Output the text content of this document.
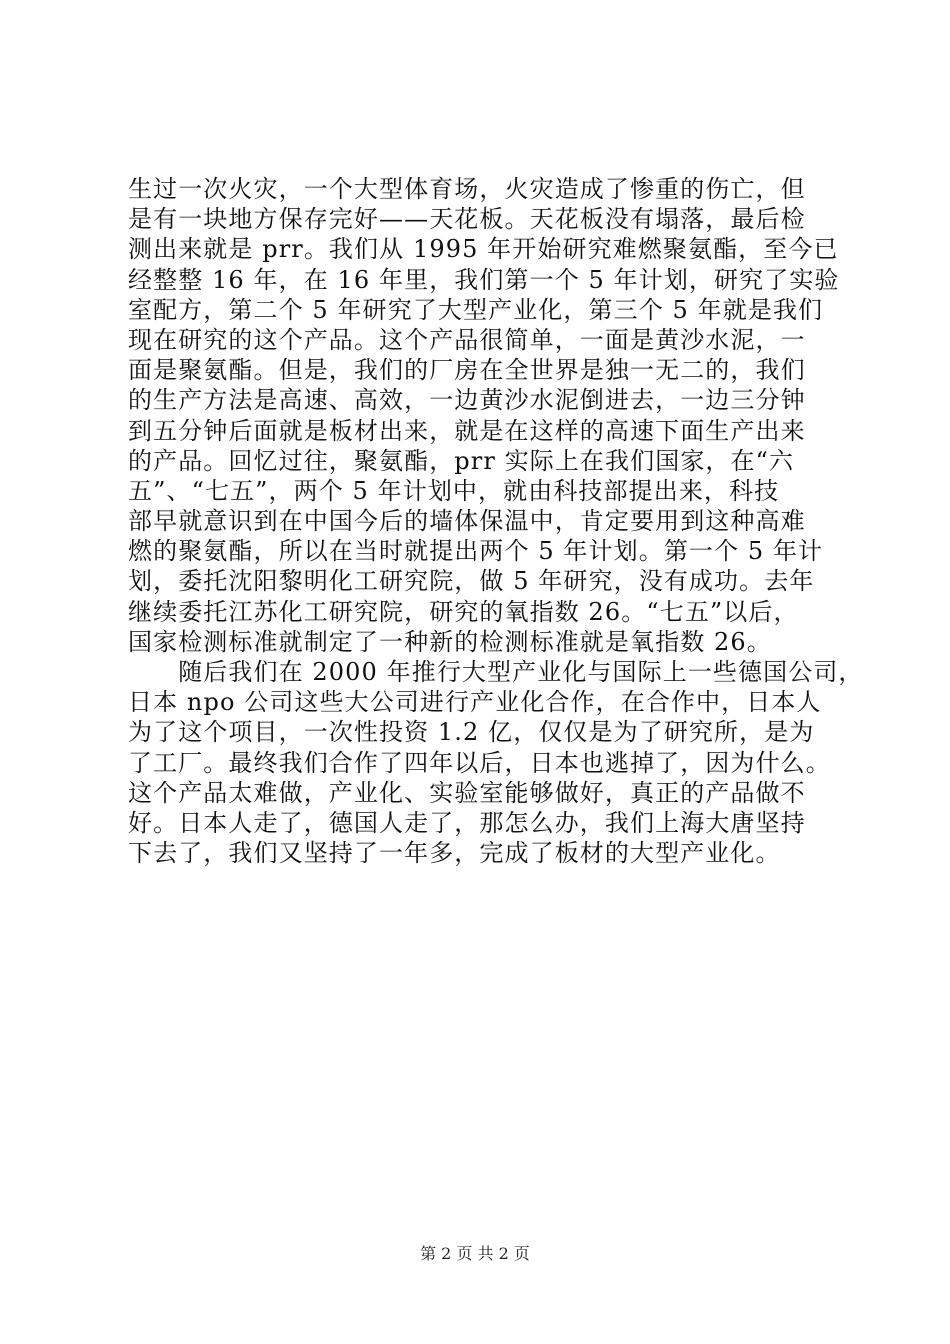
生过一次火灾，一个大型体育场，火灾造成了惨重的伤亡，但
是有一块地方保存完好——天花板。天花板没有塌落，最后检
测出来就是 prr。我们从 1995 年开始研究难燃聚氨酯，至今已
经整整 16 年，在 16 年里，我们第一个 5 年计划，研究了实验
室配方，第二个 5 年研究了大型产业化，第三个 5 年就是我们
现在研究的这个产品。这个产品很简单，一面是黄沙水泥，一
面是聚氨酯。但是，我们的厂房在全世界是独一无二的，我们
的生产方法是高速、高效，一边黄沙水泥倒进去，一边三分钟
到五分钟后面就是板材出来，就是在这样的高速下面生产出来
的产品。回忆过往，聚氨酯，prr 实际上在我们国家，在“六
五”、“七五”，两个 5 年计划中，就由科技部提出来，科技
部早就意识到在中国今后的墙体保温中，肯定要用到这种高难
燃的聚氨酯，所以在当时就提出两个 5 年计划。第一个 5 年计
划，委托沈阳黎明化工研究院，做 5 年研究，没有成功。去年
继续委托江苏化工研究院，研究的氧指数 26。“七五”以后，
国家检测标准就制定了一种新的检测标准就是氧指数 26。
　　随后我们在 2000 年推行大型产业化与国际上一些德国公司，
日本 npo 公司这些大公司进行产业化合作，在合作中，日本人
为了这个项目，一次性投资 1.2 亿，仅仅是为了研究所，是为
了工厂。最终我们合作了四年以后，日本也逃掉了，因为什么。
这个产品太难做，产业化、实验室能够做好，真正的产品做不
好。日本人走了，德国人走了，那怎么办，我们上海大唐坚持
下去了，我们又坚持了一年多，完成了板材的大型产业化。
第 2 页 共 2 页
